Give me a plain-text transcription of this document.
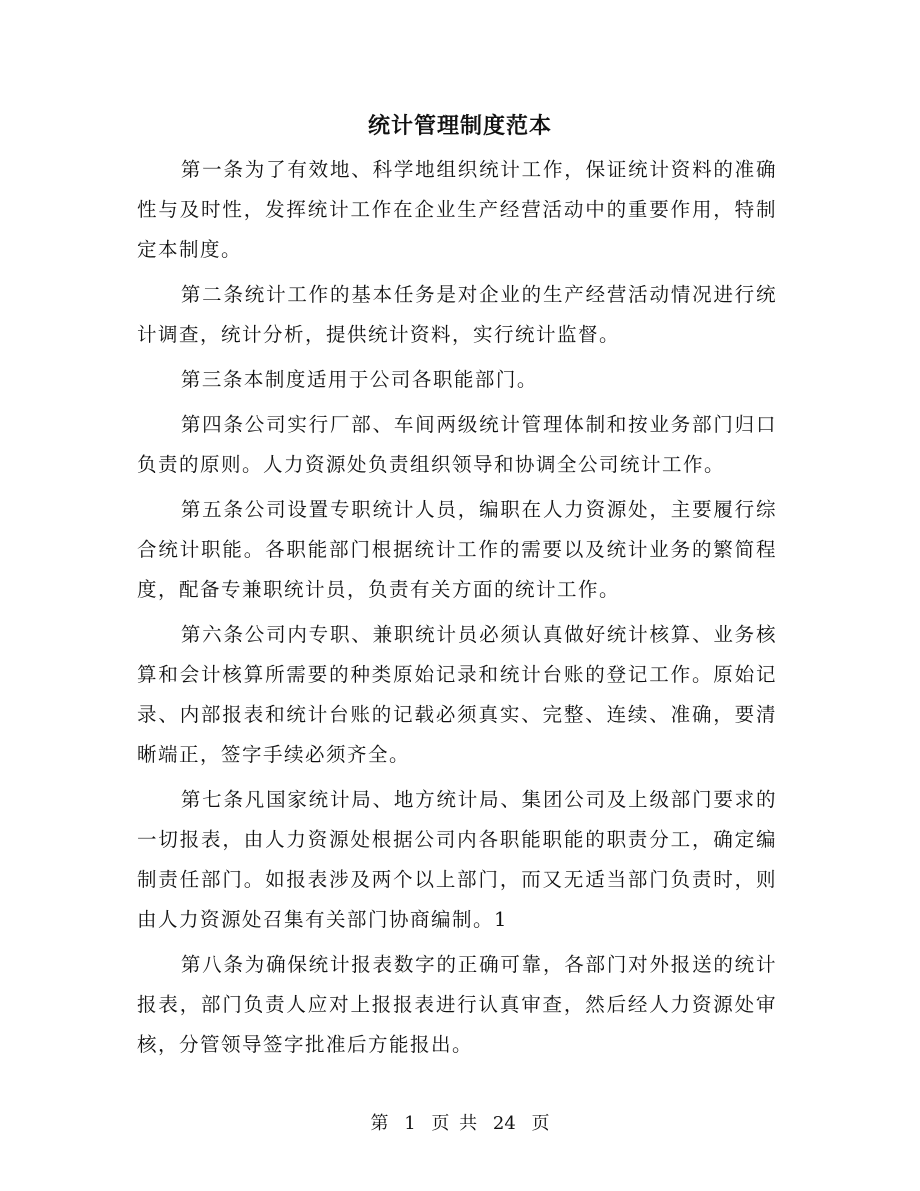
统计管理制度范本

第一条为了有效地、科学地组织统计工作，保证统计资料的准确性与及时性，发挥统计工作在企业生产经营活动中的重要作用，特制定本制度。

第二条统计工作的基本任务是对企业的生产经营活动情况进行统计调查，统计分析，提供统计资料，实行统计监督。

第三条本制度适用于公司各职能部门。

第四条公司实行厂部、车间两级统计管理体制和按业务部门归口负责的原则。人力资源处负责组织领导和协调全公司统计工作。

第五条公司设置专职统计人员，编职在人力资源处，主要履行综合统计职能。各职能部门根据统计工作的需要以及统计业务的繁简程度，配备专兼职统计员，负责有关方面的统计工作。

第六条公司内专职、兼职统计员必须认真做好统计核算、业务核算和会计核算所需要的种类原始记录和统计台账的登记工作。原始记录、内部报表和统计台账的记载必须真实、完整、连续、准确，要清晰端正，签字手续必须齐全。

第七条凡国家统计局、地方统计局、集团公司及上级部门要求的一切报表，由人力资源处根据公司内各职能职能的职责分工，确定编制责任部门。如报表涉及两个以上部门，而又无适当部门负责时，则由人力资源处召集有关部门协商编制。1

第八条为确保统计报表数字的正确可靠，各部门对外报送的统计报表，部门负责人应对上报报表进行认真审查，然后经人力资源处审核，分管领导签字批准后方能报出。

第 1 页 共 24 页
